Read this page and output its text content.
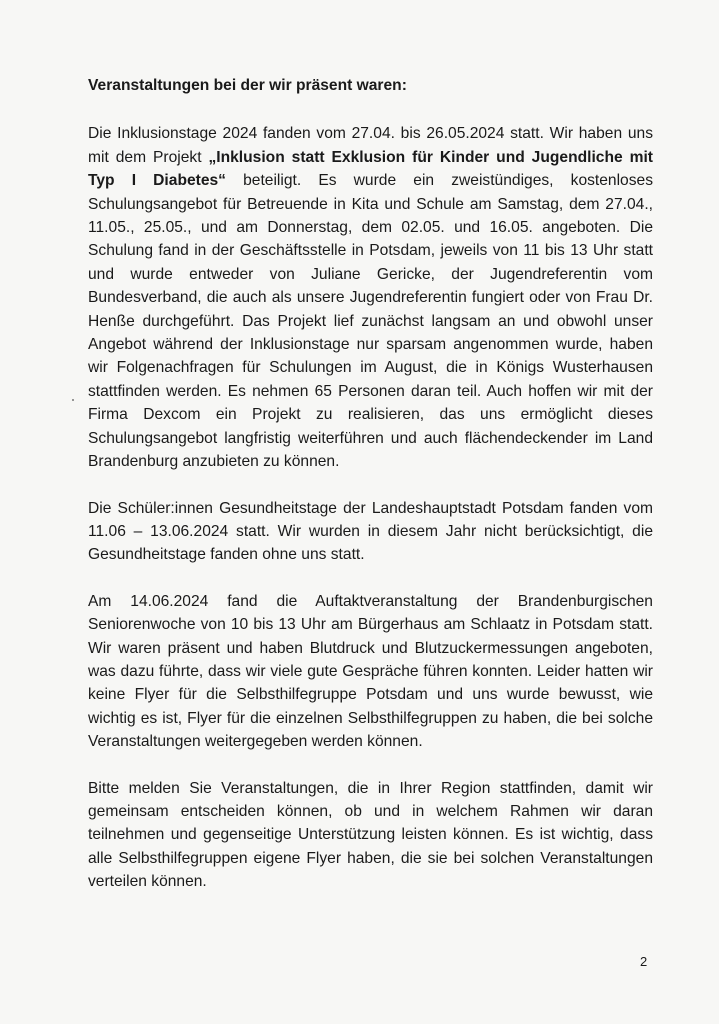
Veranstaltungen bei der wir präsent waren:

Die Inklusionstage 2024 fanden vom 27.04. bis 26.05.2024 statt. Wir haben uns mit dem Projekt „Inklusion statt Exklusion für Kinder und Jugendliche mit Typ I Diabetes“ beteiligt. Es wurde ein zweistündiges, kostenloses Schulungsangebot für Betreuende in Kita und Schule am Samstag, dem 27.04., 11.05., 25.05., und am Donnerstag, dem 02.05. und 16.05. angeboten. Die Schulung fand in der Geschäftsstelle in Potsdam, jeweils von 11 bis 13 Uhr statt und wurde entweder von Juliane Gericke, der Jugendreferentin vom Bundesverband, die auch als unsere Jugendreferentin fungiert oder von Frau Dr. Henße durchgeführt. Das Projekt lief zunächst langsam an und obwohl unser Angebot während der Inklusionstage nur sparsam angenommen wurde, haben wir Folgenachfragen für Schulungen im August, die in Königs Wusterhausen stattfinden werden. Es nehmen 65 Personen daran teil. Auch hoffen wir mit der Firma Dexcom ein Projekt zu realisieren, das uns ermöglicht dieses Schulungsangebot langfristig weiterführen und auch flächendeckender im Land Brandenburg anzubieten zu können.

Die Schüler:innen Gesundheitstage der Landeshauptstadt Potsdam fanden vom 11.06 – 13.06.2024 statt. Wir wurden in diesem Jahr nicht berücksichtigt, die Gesundheitstage fanden ohne uns statt.

Am 14.06.2024 fand die Auftaktveranstaltung der Brandenburgischen Seniorenwoche von 10 bis 13 Uhr am Bürgerhaus am Schlaatz in Potsdam statt. Wir waren präsent und haben Blutdruck und Blutzuckermessungen angeboten, was dazu führte, dass wir viele gute Gespräche führen konnten. Leider hatten wir keine Flyer für die Selbsthilfegruppe Potsdam und uns wurde bewusst, wie wichtig es ist, Flyer für die einzelnen Selbsthilfegruppen zu haben, die bei solche Veranstaltungen weitergegeben werden können.

Bitte melden Sie Veranstaltungen, die in Ihrer Region stattfinden, damit wir gemeinsam entscheiden können, ob und in welchem Rahmen wir daran teilnehmen und gegenseitige Unterstützung leisten können. Es ist wichtig, dass alle Selbsthilfegruppen eigene Flyer haben, die sie bei solchen Veranstaltungen verteilen können.

2
